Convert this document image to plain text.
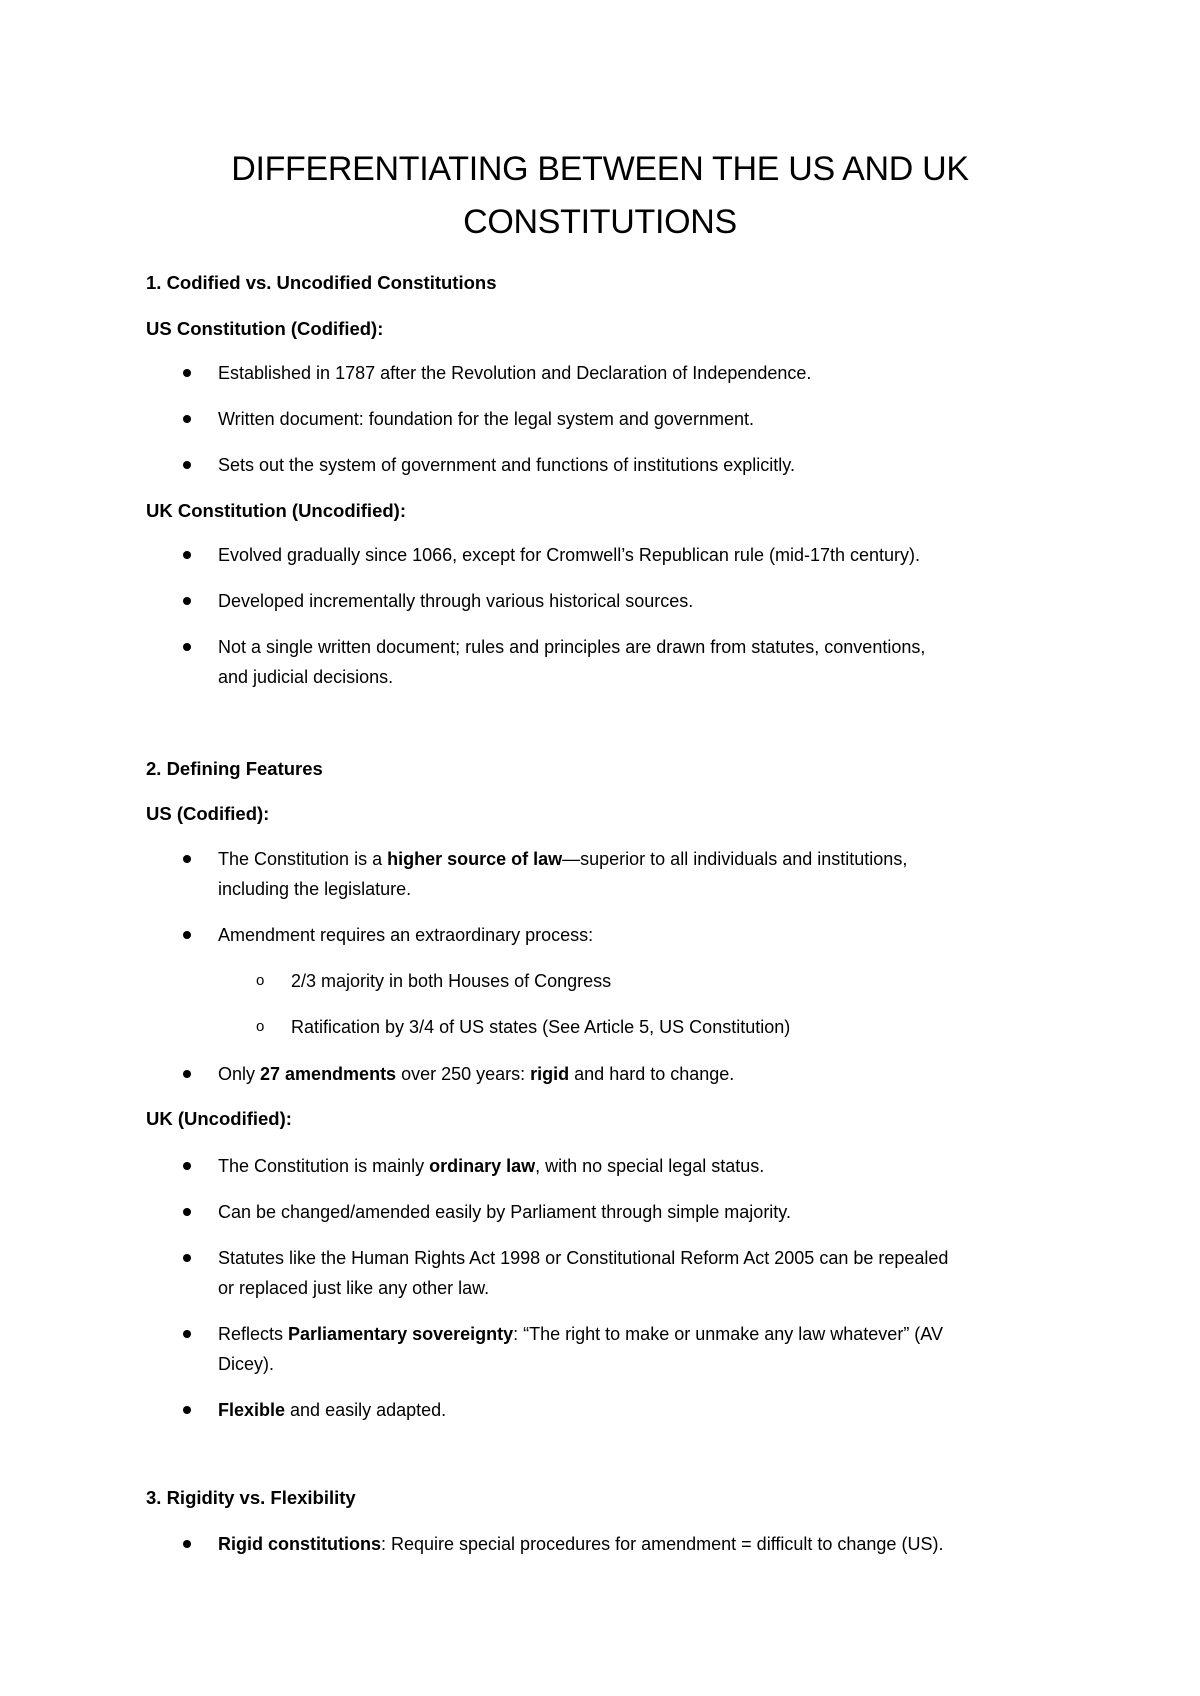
DIFFERENTIATING BETWEEN THE US AND UK
CONSTITUTIONS
1. Codified vs. Uncodified Constitutions
US Constitution (Codified):

Established in 1787 after the Revolution and Declaration of Independence.

Written document: foundation for the legal system and government.

Sets out the system of government and functions of institutions explicitly.

UK Constitution (Uncodified):

Evolved gradually since 1066, except for Cromwell’s Republican rule (mid-17th century).

Developed incrementally through various historical sources.

Not a single written document; rules and principles are drawn from statutes, conventions,

and judicial decisions.

2. Defining Features
US (Codified):

The Constitution is a higher source of law—superior to all individuals and institutions,

including the legislature.

Amendment requires an extraordinary process:

o 2/3 majority in both Houses of Congress

o Ratification by 3/4 of US states (See Article 5, US Constitution)

Only 27 amendments over 250 years: rigid and hard to change.

UK (Uncodified):

The Constitution is mainly ordinary law, with no special legal status.

Can be changed/amended easily by Parliament through simple majority.

Statutes like the Human Rights Act 1998 or Constitutional Reform Act 2005 can be repealed

or replaced just like any other law.

Reflects Parliamentary sovereignty: “The right to make or unmake any law whatever” (AV

Dicey).

Flexible and easily adapted.

3. Rigidity vs. Flexibility

Rigid constitutions: Require special procedures for amendment = difficult to change (US).
